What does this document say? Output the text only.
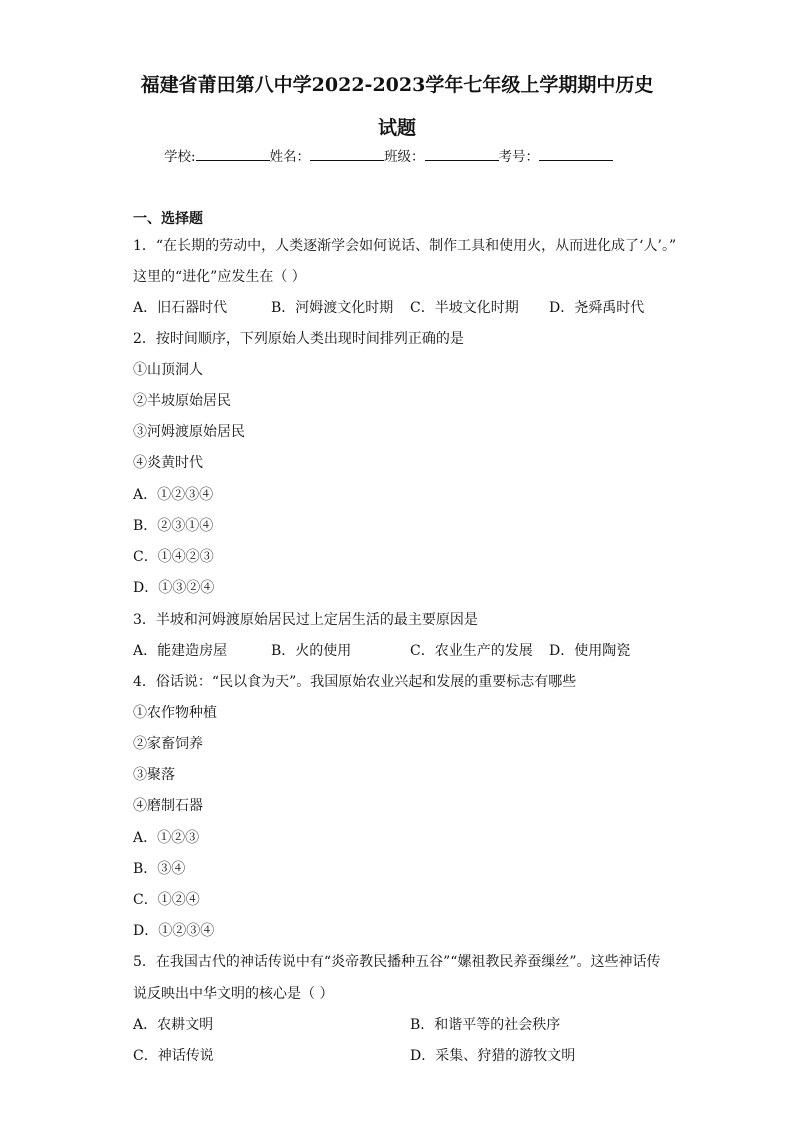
福建省莆田第八中学2022-2023学年七年级上学期期中历史
试题
学校:	姓名：	班级：	考号：
一、选择题
1．“在长期的劳动中，人类逐渐学会如何说话、制作工具和使用火，从而进化成了‘人’。”
这里的“进化”应发生在（ ）
A．旧石器时代	B．河姆渡文化时期 C．半坡文化时期 D．尧舜禹时代
2．按时间顺序，下列原始人类出现时间排列正确的是
①山顶洞人
②半坡原始居民
③河姆渡原始居民
④炎黄时代
A．①②③④
B．②③①④
C．①④②③
D．①③②④
3．半坡和河姆渡原始居民过上定居生活的最主要原因是
A．能建造房屋	B．火的使用	C．农业生产的发展 D．使用陶瓷
4．俗话说：“民以食为天”。我国原始农业兴起和发展的重要标志有哪些
①农作物种植
②家畜饲养
③聚落
④磨制石器
A．①②③
B．③④
C．①②④
D．①②③④
5．在我国古代的神话传说中有“炎帝教民播种五谷”“嫘祖教民养蚕缫丝”。这些神话传
说反映出中华文明的核心是（ ）
A．农耕文明	B．和谐平等的社会秩序
C．神话传说	D．采集、狩猎的游牧文明
